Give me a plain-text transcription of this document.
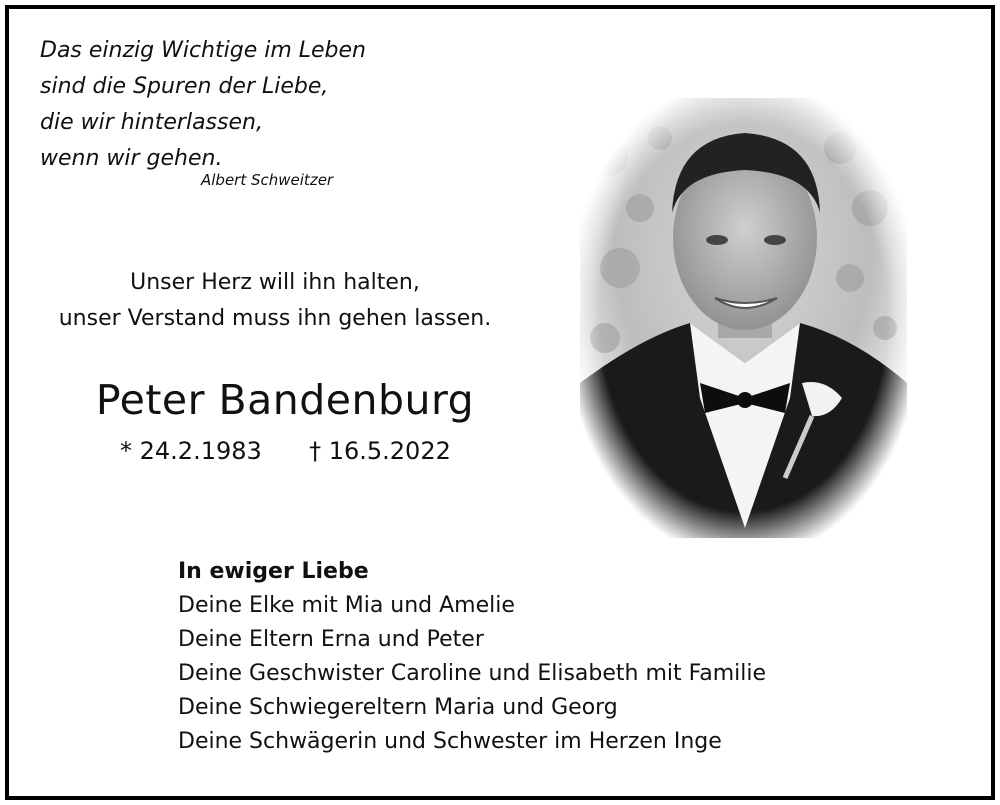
Das einzig Wichtige im Leben
sind die Spuren der Liebe,
die wir hinterlassen,
wenn wir gehen.
Albert Schweitzer
Unser Herz will ihn halten,
unser Verstand muss ihn gehen lassen.
Peter Bandenburg
* 24.2.1983 † 16.5.2022
In ewiger Liebe
Deine Elke mit Mia und Amelie
Deine Eltern Erna und Peter
Deine Geschwister Caroline und Elisabeth mit Familie
Deine Schwiegereltern Maria und Georg
Deine Schwägerin und Schwester im Herzen Inge
